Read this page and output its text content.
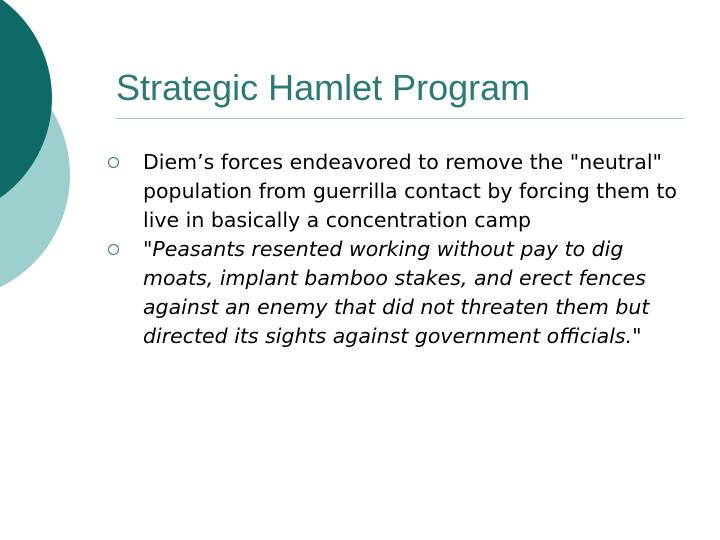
Strategic Hamlet Program
Diem’s forces endeavored to remove the "neutral" population from guerrilla contact by forcing them to live in basically a concentration camp
"Peasants resented working without pay to dig moats, implant bamboo stakes, and erect fences against an enemy that did not threaten them but directed its sights against government officials."
